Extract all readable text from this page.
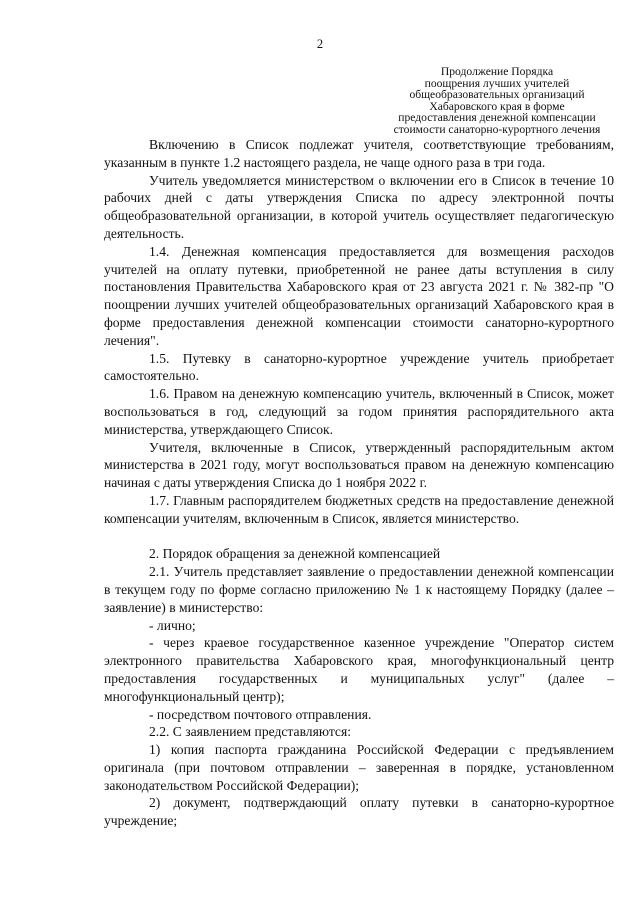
2
Продолжение Порядка
поощрения лучших учителей
общеобразовательных организаций
Хабаровского края в форме
предоставления денежной компенсации
стоимости санаторно-курортного лечения

Включению в Список подлежат учителя, соответствующие требованиям, указанным в пункте 1.2 настоящего раздела, не чаще одного раза в три года.

Учитель уведомляется министерством о включении его в Список в течение 10 рабочих дней с даты утверждения Списка по адресу электронной почты общеобразовательной организации, в которой учитель осуществляет педагогическую деятельность.

1.4. Денежная компенсация предоставляется для возмещения расходов учителей на оплату путевки, приобретенной не ранее даты вступления в силу постановления Правительства Хабаровского края от 23 августа 2021 г. № 382-пр "О поощрении лучших учителей общеобразовательных организаций Хабаровского края в форме предоставления денежной компенсации стоимости санаторно-курортного лечения".

1.5. Путевку в санаторно-курортное учреждение учитель приобретает самостоятельно.

1.6. Правом на денежную компенсацию учитель, включенный в Список, может воспользоваться в год, следующий за годом принятия распорядительного акта министерства, утверждающего Список.

Учителя, включенные в Список, утвержденный распорядительным актом министерства в 2021 году, могут воспользоваться правом на денежную компенсацию начиная с даты утверждения Списка до 1 ноября 2022 г.

1.7. Главным распорядителем бюджетных средств на предоставление денежной компенсации учителям, включенным в Список, является министерство.

2. Порядок обращения за денежной компенсацией

2.1. Учитель представляет заявление о предоставлении денежной компенсации в текущем году по форме согласно приложению № 1 к настоящему Порядку (далее – заявление) в министерство:

- лично;

- через краевое государственное казенное учреждение "Оператор систем электронного правительства Хабаровского края, многофункциональный центр предоставления государственных и муниципальных услуг" (далее – многофункциональный центр);

- посредством почтового отправления.

2.2. С заявлением представляются:

1) копия паспорта гражданина Российской Федерации с предъявлением оригинала (при почтовом отправлении – заверенная в порядке, установленном законодательством Российской Федерации);

2) документ, подтверждающий оплату путевки в санаторно-курортное учреждение;
